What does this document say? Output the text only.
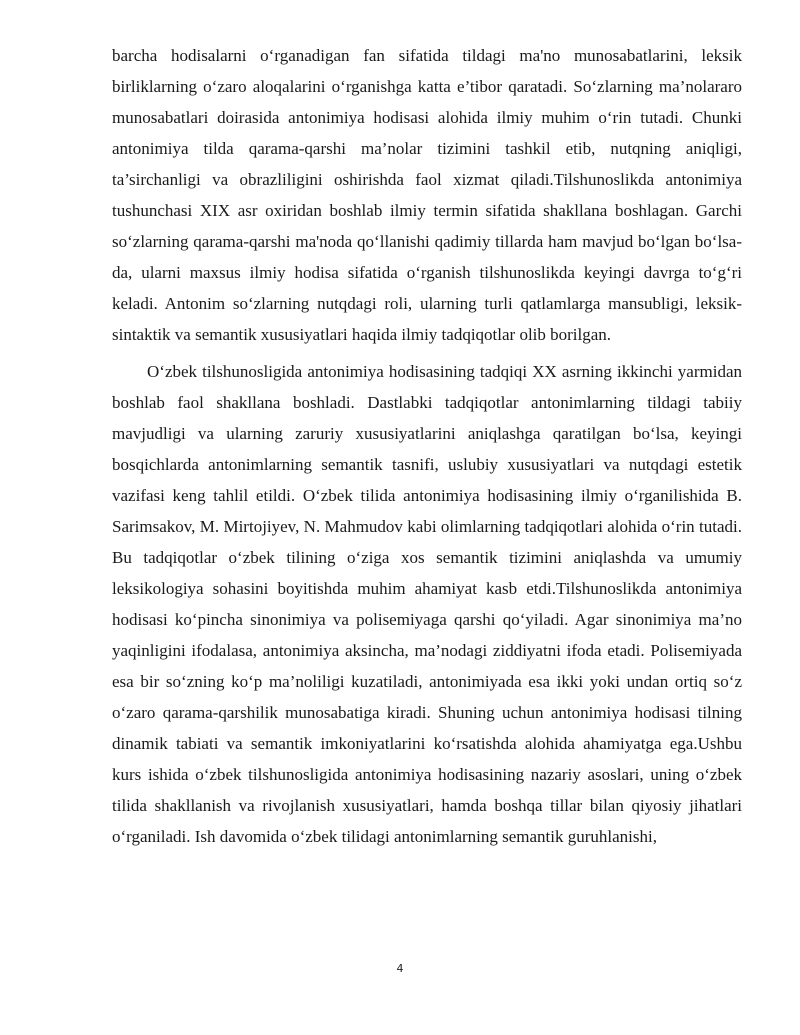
barcha hodisalarni o‘rganadigan fan sifatida tildagi ma'no munosabatlarini, leksik birliklarning o‘zaro aloqalarini o‘rganishga katta e’tibor qaratadi. So‘zlarning ma’nolararo munosabatlari doirasida antonimiya hodisasi alohida ilmiy muhim o‘rin tutadi. Chunki antonimiya tilda qarama-qarshi ma’nolar tizimini tashkil etib, nutqning aniqligi, ta’sirchanligi va obrazliligini oshirishda faol xizmat qiladi.Tilshunoslikda antonimiya tushunchasi XIX asr oxiridan boshlab ilmiy termin sifatida shakllana boshlagan. Garchi so‘zlarning qarama-qarshi ma'noda qo‘llanishi qadimiy tillarda ham mavjud bo‘lgan bo‘lsa-da, ularni maxsus ilmiy hodisa sifatida o‘rganish tilshunoslikda keyingi davrga to‘g‘ri keladi. Antonim so‘zlarning nutqdagi roli, ularning turli qatlamlarga mansubligi, leksik-sintaktik va semantik xususiyatlari haqida ilmiy tadqiqotlar olib borilgan.

O‘zbek tilshunosligida antonimiya hodisasining tadqiqi XX asrning ikkinchi yarmidan boshlab faol shakllana boshladi. Dastlabki tadqiqotlar antonimlarning tildagi tabiiy mavjudligi va ularning zaruriy xususiyatlarini aniqlashga qaratilgan bo‘lsa, keyingi bosqichlarda antonimlarning semantik tasnifi, uslubiy xususiyatlari va nutqdagi estetik vazifasi keng tahlil etildi. O‘zbek tilida antonimiya hodisasining ilmiy o‘rganilishida B. Sarimsakov, M. Mirtojiyev, N. Mahmudov kabi olimlarning tadqiqotlari alohida o‘rin tutadi. Bu tadqiqotlar o‘zbek tilining o‘ziga xos semantik tizimini aniqlashda va umumiy leksikologiya sohasini boyitishda muhim ahamiyat kasb etdi.Tilshunoslikda antonimiya hodisasi ko‘pincha sinonimiya va polisemiyaga qarshi qo‘yiladi. Agar sinonimiya ma’no yaqinligini ifodalasa, antonimiya aksincha, ma’nodagi ziddiyatni ifoda etadi. Polisemiyada esa bir so‘zning ko‘p ma’noliligi kuzatiladi, antonimiyada esa ikki yoki undan ortiq so‘z o‘zaro qarama-qarshilik munosabatiga kiradi. Shuning uchun antonimiya hodisasi tilning dinamik tabiati va semantik imkoniyatlarini ko‘rsatishda alohida ahamiyatga ega.Ushbu kurs ishida o‘zbek tilshunosligida antonimiya hodisasining nazariy asoslari, uning o‘zbek tilida shakllanish va rivojlanish xususiyatlari, hamda boshqa tillar bilan qiyosiy jihatlari o‘rganiladi. Ish davomida o‘zbek tilidagi antonimlarning semantik guruhlanishi,

4
